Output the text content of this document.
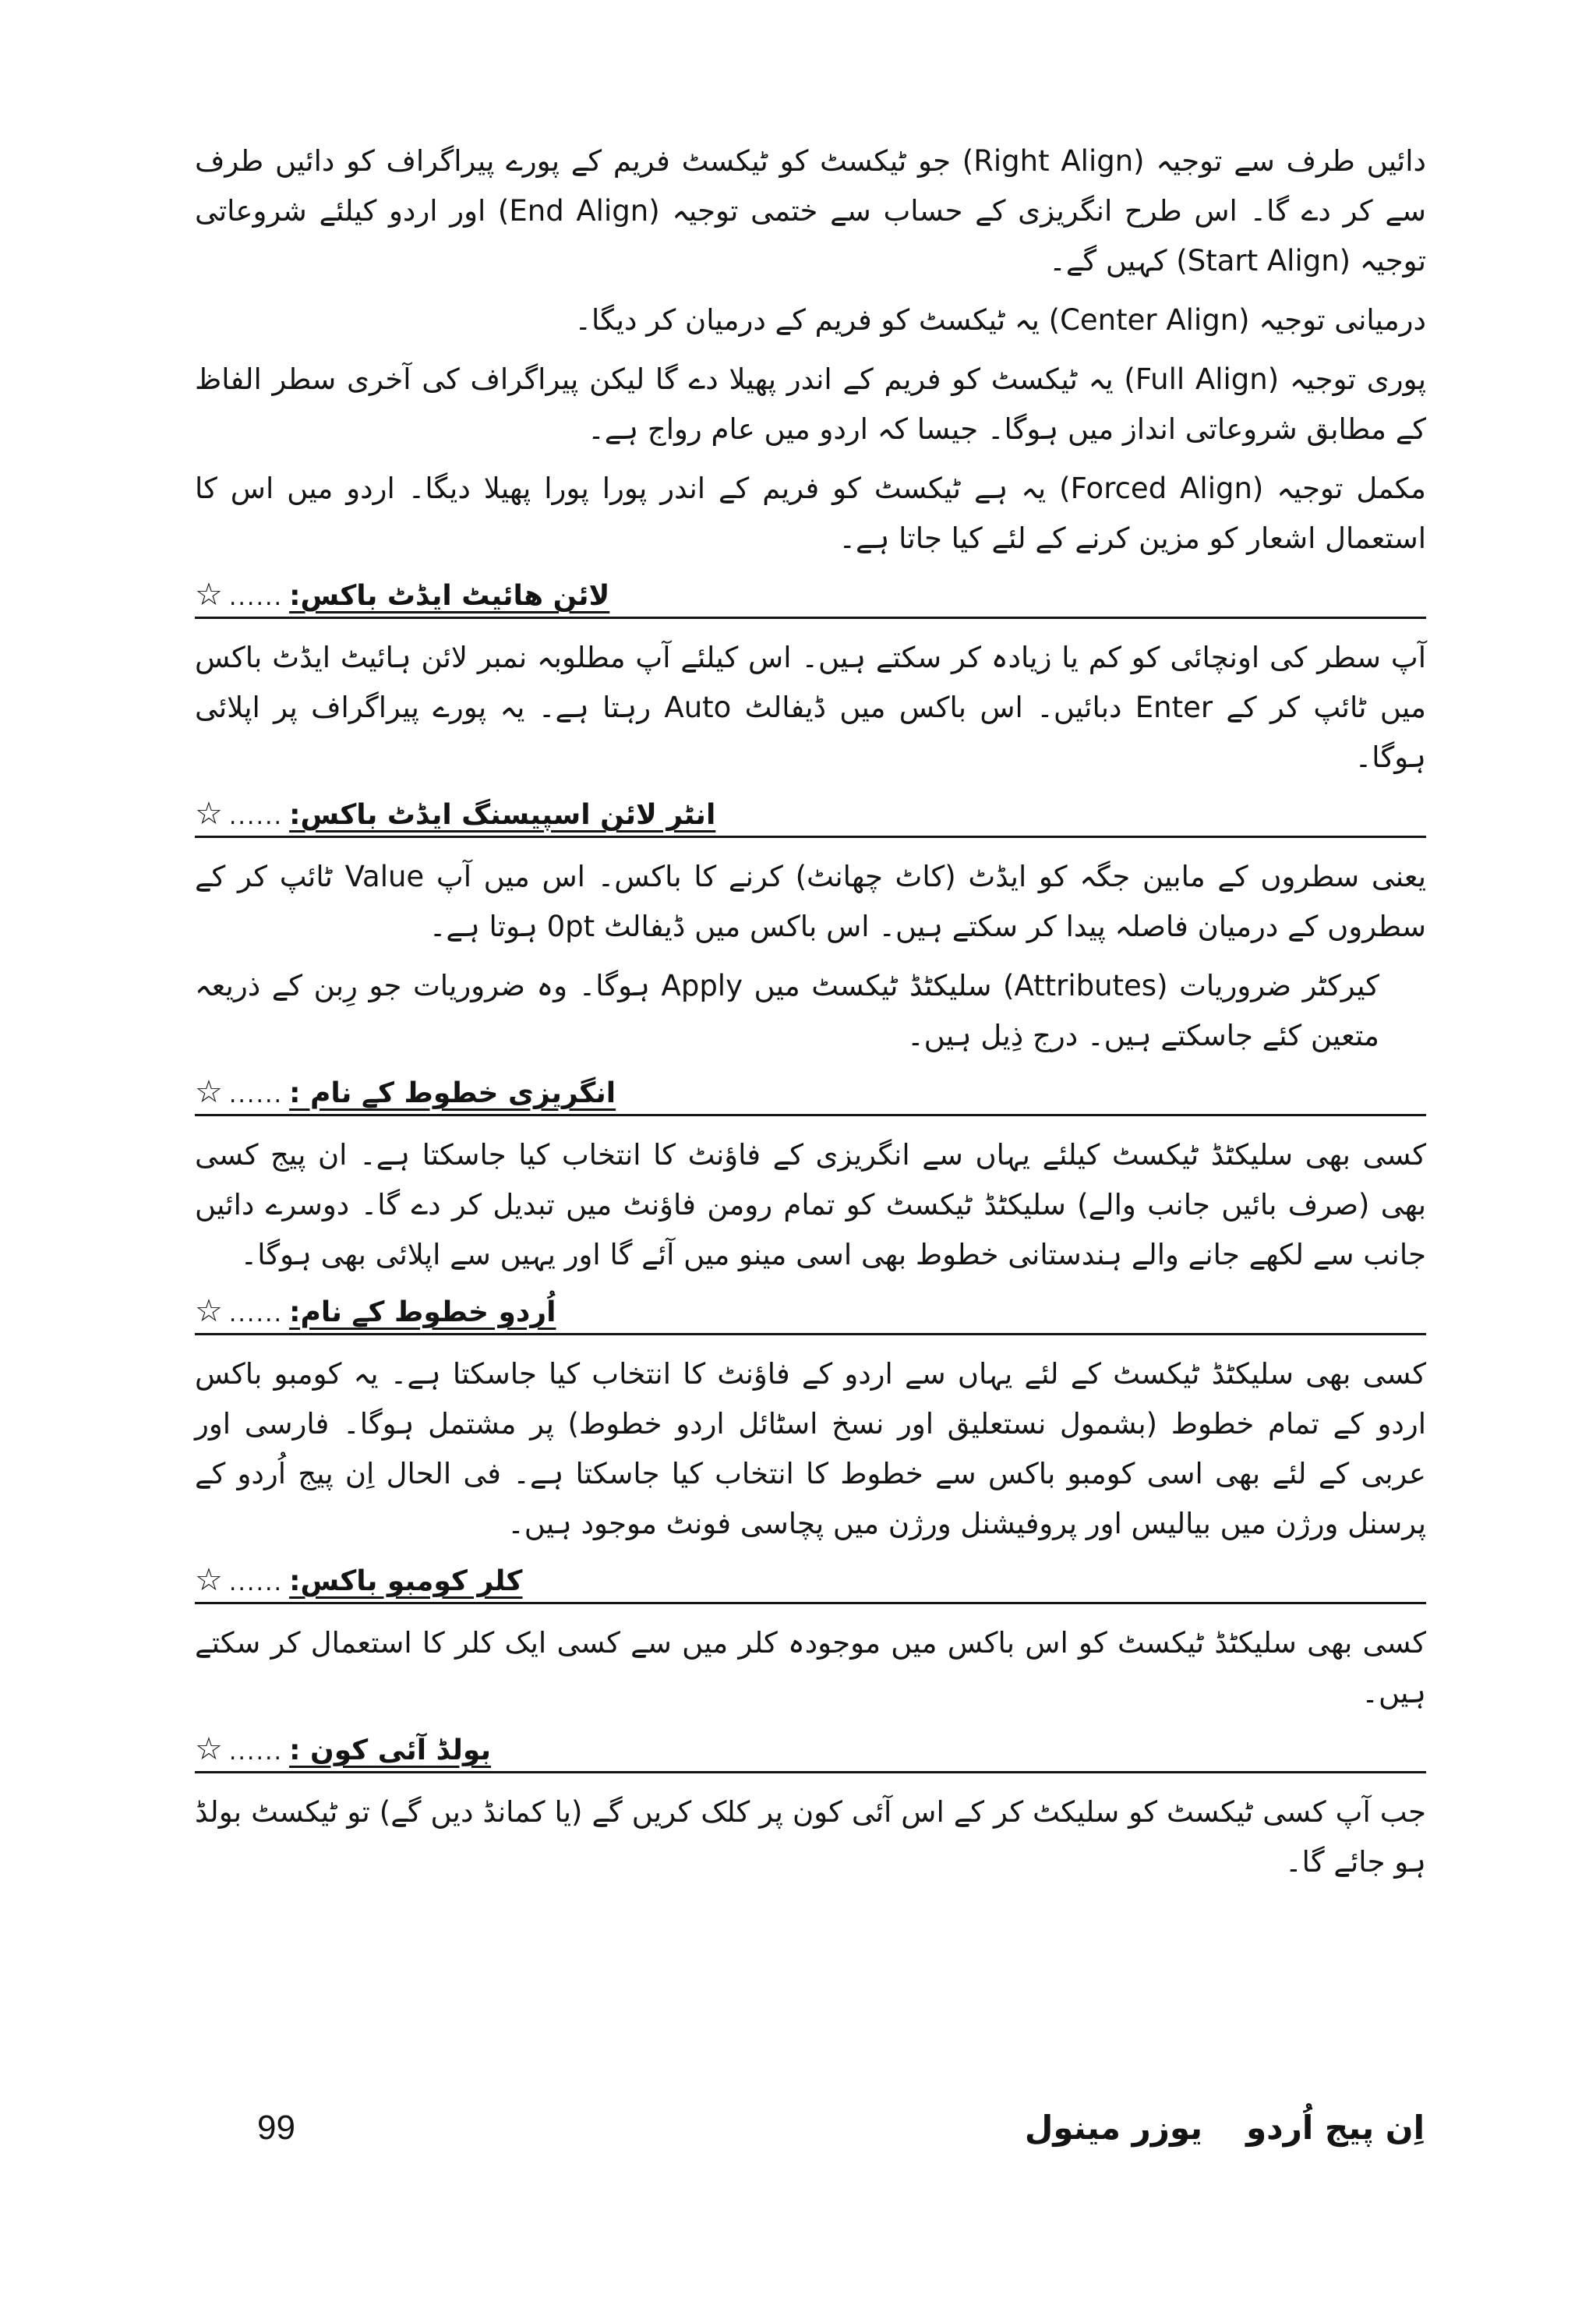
دائیں طرف سے توجیہ (Right Align) جو ٹیکسٹ کو ٹیکسٹ فریم کے پورے پیراگراف کو دائیں طرف سے کر دے گا۔ اس طرح انگریزی کے حساب سے ختمی توجیہ (End Align) اور اردو کیلئے شروعاتی توجیہ (Start Align) کہیں گے۔

درمیانی توجیہ (Center Align) یہ ٹیکسٹ کو فریم کے درمیان کر دیگا۔

پوری توجیہ (Full Align) یہ ٹیکسٹ کو فریم کے اندر پھیلا دے گا لیکن پیراگراف کی آخری سطر الفاظ کے مطابق شروعاتی انداز میں ہوگا۔ جیسا کہ اردو میں عام رواج ہے۔

مکمل توجیہ (Forced Align) یہ ہے ٹیکسٹ کو فریم کے اندر پورا پورا پھیلا دیگا۔ اردو میں اس کا استعمال اشعار کو مزین کرنے کے لئے کیا جاتا ہے۔

☆ ...... لائن ھائیٹ ایڈٹ باکس:

آپ سطر کی اونچائی کو کم یا زیادہ کر سکتے ہیں۔ اس کیلئے آپ مطلوبہ نمبر لائن ہائیٹ ایڈٹ باکس میں ٹائپ کر کے Enter دبائیں۔ اس باکس میں ڈیفالٹ Auto رہتا ہے۔ یہ پورے پیراگراف پر اپلائی ہوگا۔

☆ ...... انٹر لائن اسپیسنگ ایڈٹ باکس:

یعنی سطروں کے مابین جگہ کو ایڈٹ (کاٹ چھانٹ) کرنے کا باکس۔ اس میں آپ Value ٹائپ کر کے سطروں کے درمیان فاصلہ پیدا کر سکتے ہیں۔ اس باکس میں ڈیفالٹ 0pt ہوتا ہے۔

کیرکٹر ضروریات (Attributes) سلیکٹڈ ٹیکسٹ میں Apply ہوگا۔ وہ ضروریات جو رِبن کے ذریعہ متعین کئے جاسکتے ہیں۔ درج ذِیل ہیں۔

☆ ...... انگریزی خطوط کے نام :

کسی بھی سلیکٹڈ ٹیکسٹ کیلئے یہاں سے انگریزی کے فاؤنٹ کا انتخاب کیا جاسکتا ہے۔ ان پیج کسی بھی (صرف بائیں جانب والے) سلیکٹڈ ٹیکسٹ کو تمام رومن فاؤنٹ میں تبدیل کر دے گا۔ دوسرے دائیں جانب سے لکھے جانے والے ہندستانی خطوط بھی اسی مینو میں آئے گا اور یہیں سے اپلائی بھی ہوگا۔

☆ ...... اُردو خطوط کے نام:

کسی بھی سلیکٹڈ ٹیکسٹ کے لئے یہاں سے اردو کے فاؤنٹ کا انتخاب کیا جاسکتا ہے۔ یہ کومبو باکس اردو کے تمام خطوط (بشمول نستعلیق اور نسخ اسٹائل اردو خطوط) پر مشتمل ہوگا۔ فارسی اور عربی کے لئے بھی اسی کومبو باکس سے خطوط کا انتخاب کیا جاسکتا ہے۔ فی الحال اِن پیج اُردو کے پرسنل ورژن میں بیالیس اور پروفیشنل ورژن میں پچاسی فونٹ موجود ہیں۔

☆ ...... کلر کومبو باکس:

کسی بھی سلیکٹڈ ٹیکسٹ کو اس باکس میں موجودہ کلر میں سے کسی ایک کلر کا استعمال کر سکتے ہیں۔

☆ ...... بولڈ آئی کون :

جب آپ کسی ٹیکسٹ کو سلیکٹ کر کے اس آئی کون پر کلک کریں گے (یا کمانڈ دیں گے) تو ٹیکسٹ بولڈ ہو جائے گا۔

99	اِن پیج اُردو
یوزر مینول
